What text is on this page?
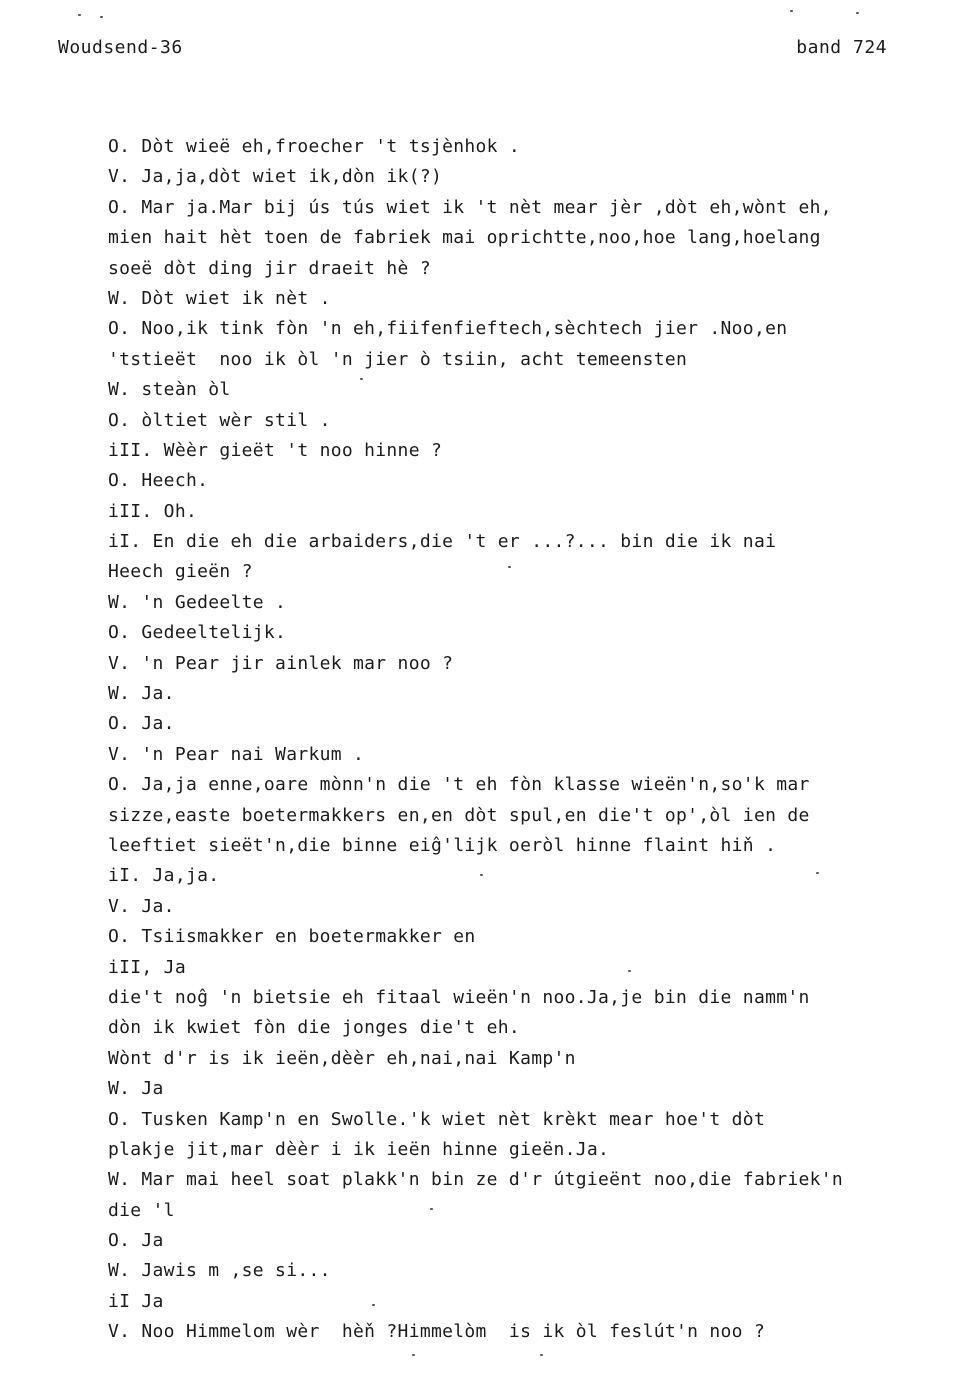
Woudsend-36	band 724
O. Dòt wieë eh,froecher 't tsjènhok .
V. Ja,ja,dòt wiet ik,dòn ik(?)
O. Mar ja.Mar bij ús tús wiet ik 't nèt mear jèr ,dòt eh,wònt eh,
mien hait hèt toen de fabriek mai oprichtte,noo,hoe lang,hoelang
soeë dòt ding jir draeit hè ?
W. Dòt wiet ik nèt .
O. Noo,ik tink fòn 'n eh,fiifenfieftech,sèchtech jier .Noo,en
'tstieët  noo ik òl 'n jier ò tsiin, acht temeensten
W. steàn òl
O. òltiet wèr stil .
iII. Wèèr gieët 't noo hinne ?
O. Heech.
iII. Oh.
iI. En die eh die arbaiders,die 't er ...?... bin die ik nai
Heech gieën ?
W. 'n Gedeelte .
O. Gedeeltelijk.
V. 'n Pear jir ainlek mar noo ?
W. Ja.
O. Ja.
V. 'n Pear nai Warkum .
O. Ja,ja enne,oare mònn'n die 't eh fòn klasse wieën'n,so'k mar
sizze,easte boetermakkers en,en dòt spul,en die't op',òl ien de
leeftiet sieët'n,die binne eiĝ'lijk oeròl hinne flaint hiň .
iI. Ja,ja.
V. Ja.
O. Tsiismakker en boetermakker en
iII, Ja
die't noĝ 'n bietsie eh fitaal wieën'n noo.Ja,je bin die namm'n
dòn ik kwiet fòn die jonges die't eh.
Wònt d'r is ik ieën,dèèr eh,nai,nai Kamp'n
W. Ja
O. Tusken Kamp'n en Swolle.'k wiet nèt krèkt mear hoe't dòt
plakje jit,mar dèèr i ik ieën hinne gieën.Ja.
W. Mar mai heel soat plakk'n bin ze d'r útgieënt noo,die fabriek'n
die 'l
O. Ja
W. Jawis m ,se si...
iI Ja
V. Noo Himmelom wèr  hèň ?Himmelòm  is ik òl feslút'n noo ?
